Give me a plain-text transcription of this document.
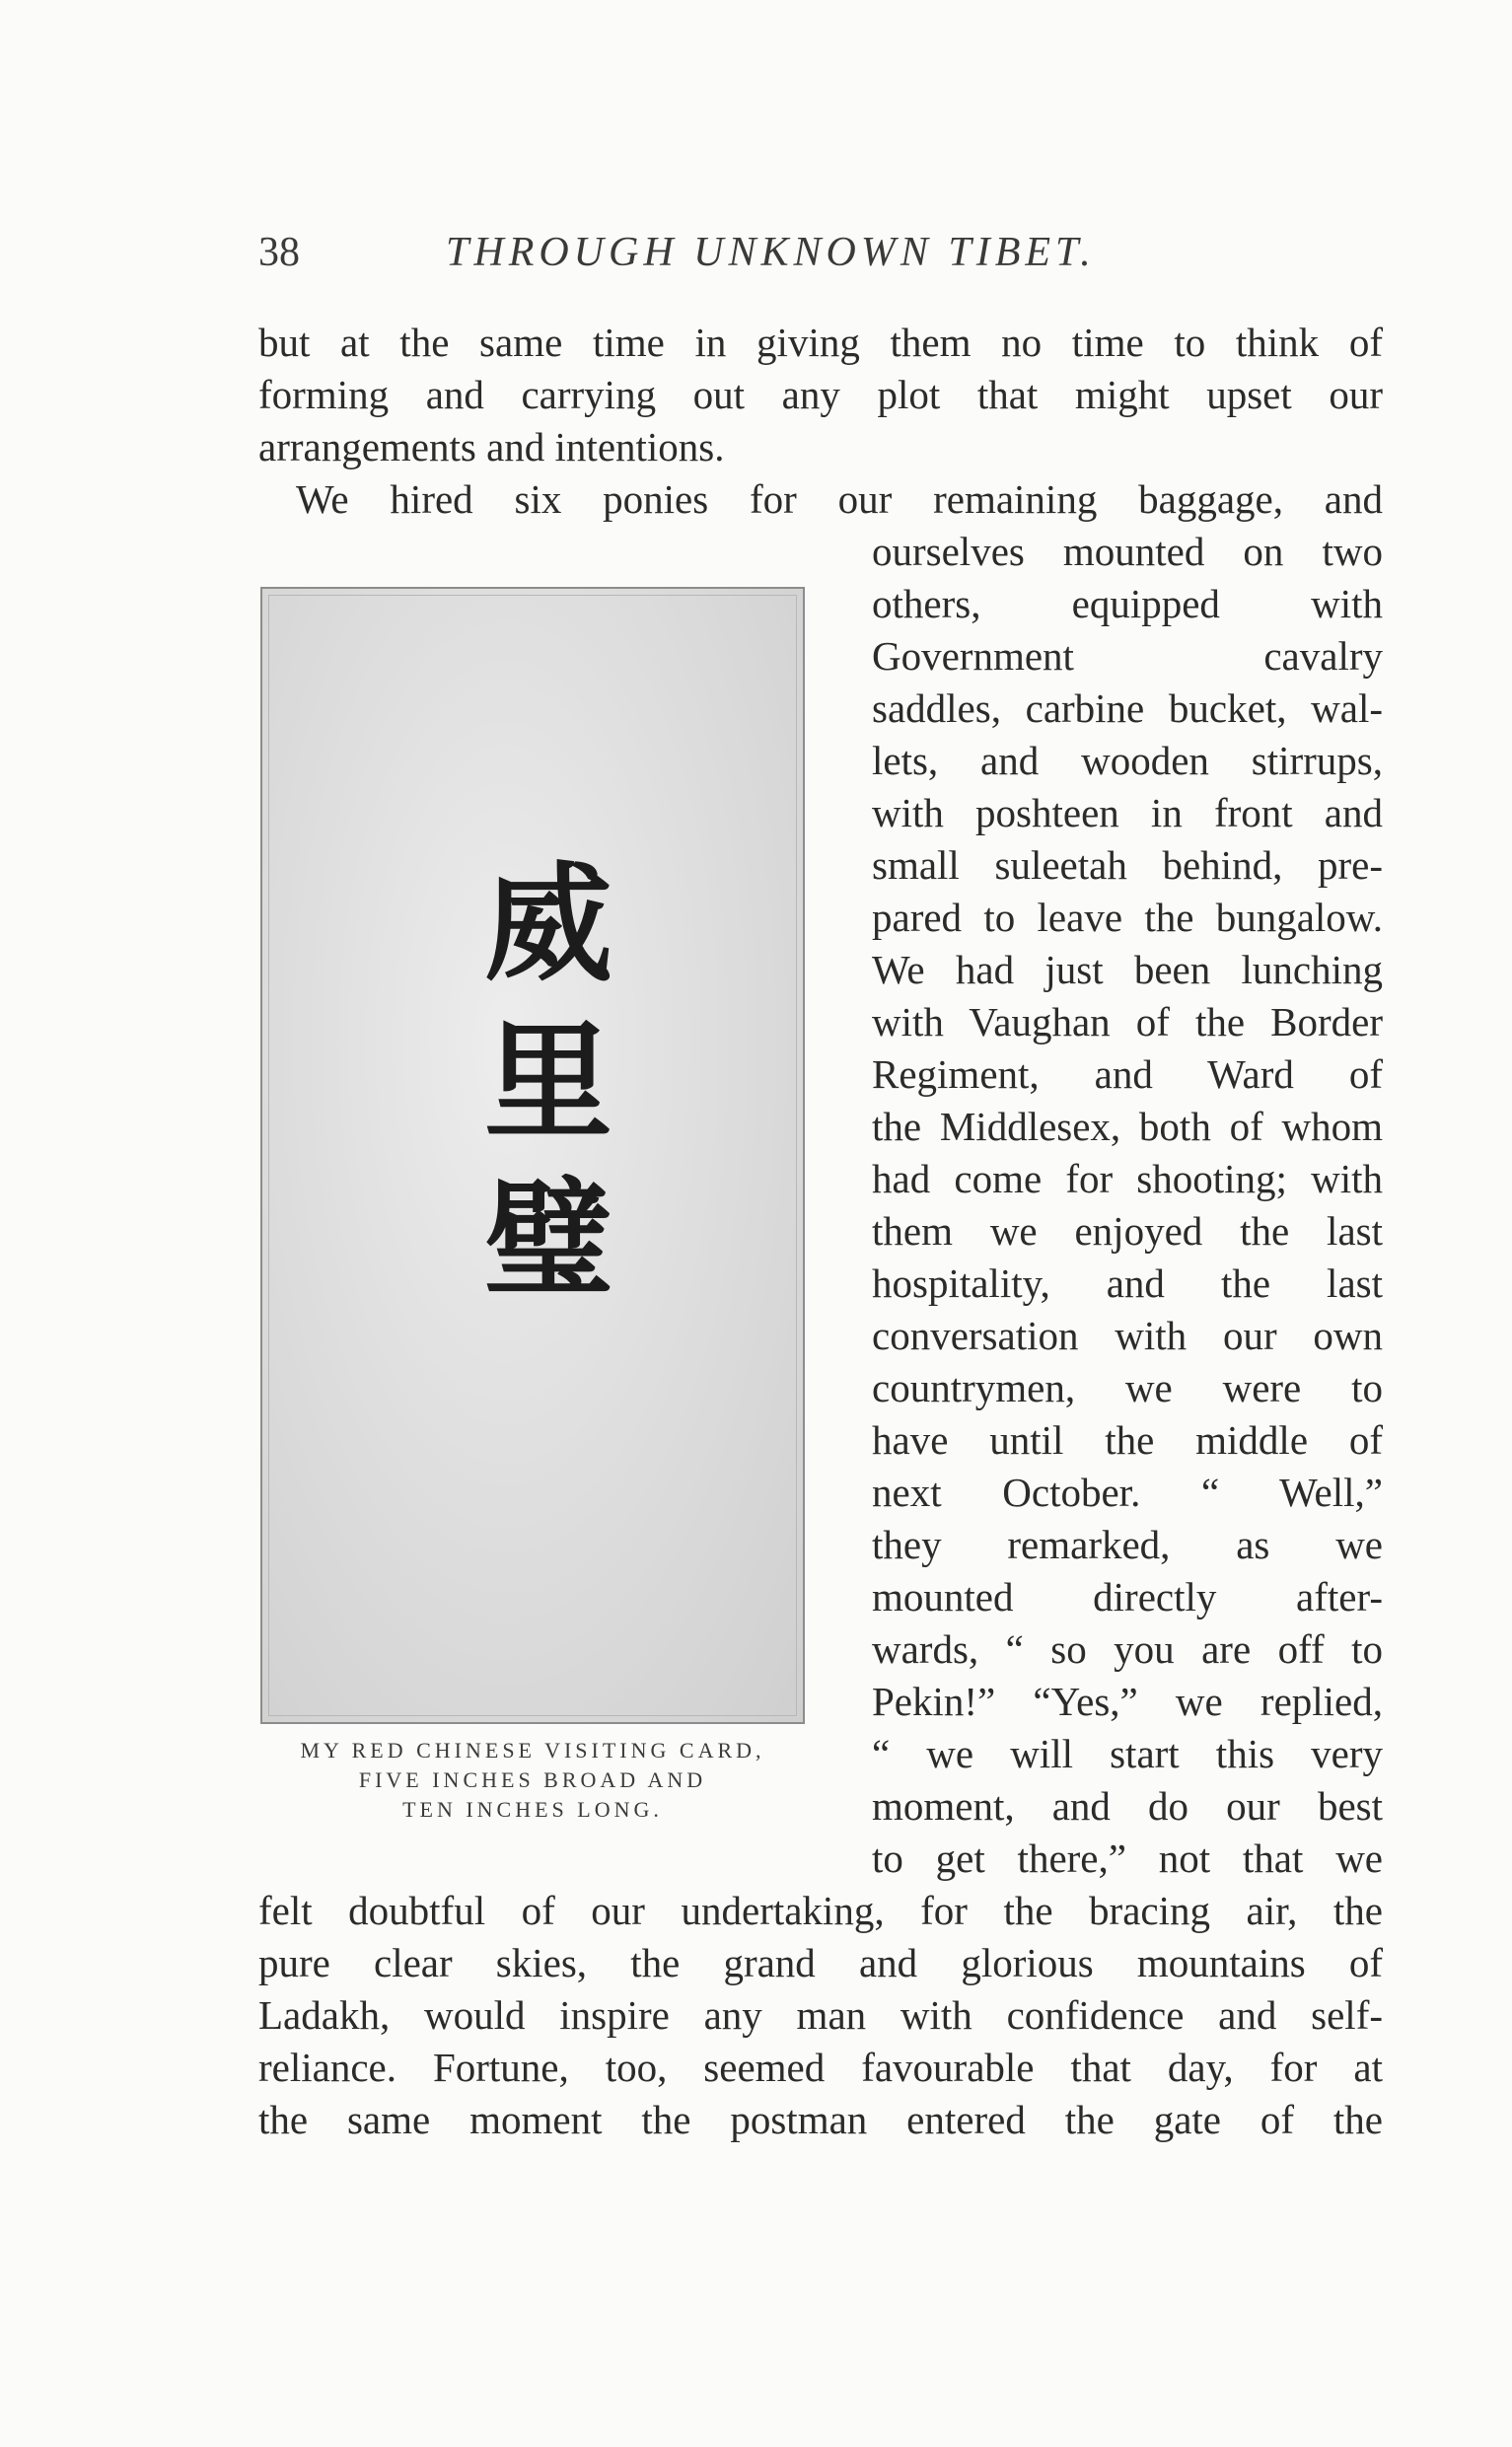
38	THROUGH UNKNOWN TIBET.
but at the same time in giving them no time to think of
forming and carrying out any plot that might upset our
arrangements and intentions.
We hired six ponies for our remaining baggage, and
ourselves mounted on two
others, equipped with
Government cavalry
saddles, carbine bucket, wal-
lets, and wooden stirrups,
with poshteen in front and
small suleetah behind, pre-
pared to leave the bungalow.
We had just been lunching
with Vaughan of the Border
Regiment, and Ward of
the Middlesex, both of whom
had come for shooting; with
them we enjoyed the last
hospitality, and the last
conversation with our own
countrymen, we were to
have until the middle of
next October. “ Well,”
they remarked, as we
mounted directly after-
wards, “ so you are off to
Pekin!” “Yes,” we replied,
“ we will start this very
moment, and do our best
to get there,” not that we
felt doubtful of our undertaking, for the bracing air, the
pure clear skies, the grand and glorious mountains of
Ladakh, would inspire any man with confidence and self-
reliance. Fortune, too, seemed favourable that day, for at
the same moment the postman entered the gate of the
威
里
璧
MY RED CHINESE VISITING CARD,
FIVE INCHES BROAD AND
TEN INCHES LONG.
